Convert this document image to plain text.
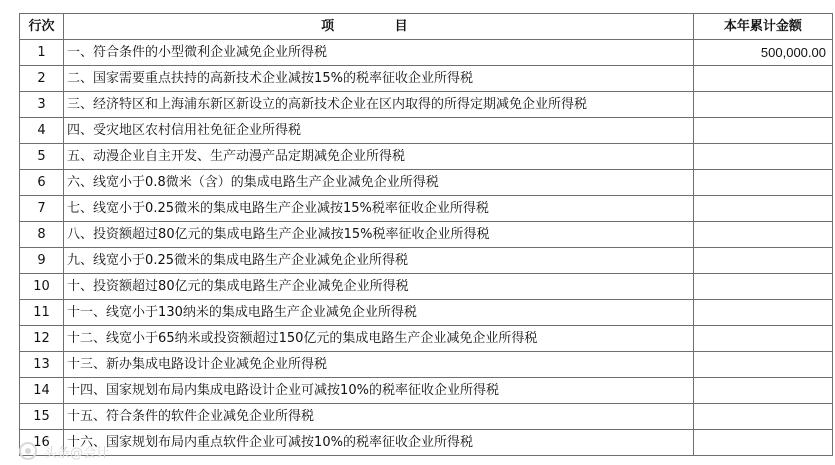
行次	项 目	本年累计金额
1	一、符合条件的小型微利企业减免企业所得税	500,000.00
2	二、国家需要重点扶持的高新技术企业减按15%的税率征收企业所得税	
3	三、经济特区和上海浦东新区新设立的高新技术企业在区内取得的所得定期减免企业所得税	
4	四、受灾地区农村信用社免征企业所得税	
5	五、动漫企业自主开发、生产动漫产品定期减免企业所得税	
6	六、线宽小于0.8微米（含）的集成电路生产企业减免企业所得税	
7	七、线宽小于0.25微米的集成电路生产企业减按15%税率征收企业所得税	
8	八、投资额超过80亿元的集成电路生产企业减按15%税率征收企业所得税	
9	九、线宽小于0.25微米的集成电路生产企业减免企业所得税	
10	十、投资额超过80亿元的集成电路生产企业减免企业所得税	
11	十一、线宽小于130纳米的集成电路生产企业减免企业所得税	
12	十二、线宽小于65纳米或投资额超过150亿元的集成电路生产企业减免企业所得税	
13	十三、新办集成电路设计企业减免企业所得税	
14	十四、国家规划布局内集成电路设计企业可减按10%的税率征收企业所得税	
15	十五、符合条件的软件企业减免企业所得税	
16	十六、国家规划布局内重点软件企业可减按10%的税率征收企业所得税	
头条@会计
